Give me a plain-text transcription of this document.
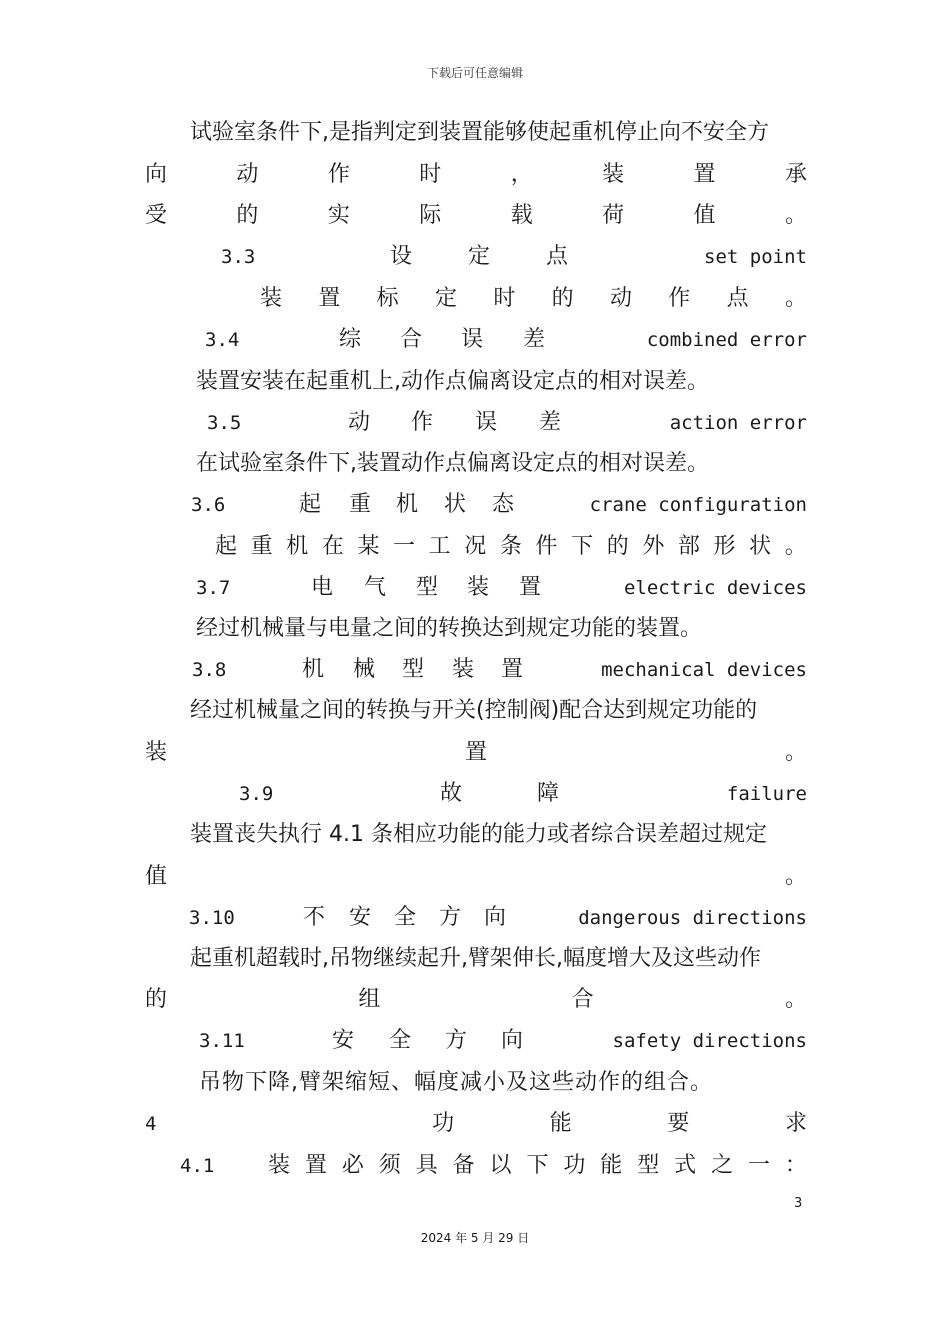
下载后可任意编辑
试验室条件下,是指判定到装置能够使起重机停止向不安全方
向	动	作	时	，	装	置	承
受	的	实	际	载	荷	值	。
3.3	设	定	点	set point
装 置 标 定 时 的 动 作 点 。
3.4	综 合 误 差	combined error
装置安装在起重机上,动作点偏离设定点的相对误差。
3.5	动 作 误 差	action error
在试验室条件下,装置动作点偏离设定点的相对误差。
3.6	起 重 机 状 态	crane configuration
起 重 机 在 某 一 工 况 条 件 下 的 外 部 形 状 。
3.7	电 气 型 装 置	electric devices
经过机械量与电量之间的转换达到规定功能的装置。
3.8	机 械 型 装 置	mechanical devices
经过机械量之间的转换与开关(控制阀)配合达到规定功能的
装	置	。
3.9	故	障	failure
装置丧失执行 4.1 条相应功能的能力或者综合误差超过规定
值	。
3.10	不 安 全 方 向	dangerous directions
起重机超载时,吊物继续起升,臂架伸长,幅度增大及这些动作
的	组	合	。
3.11	安 全 方 向	safety directions
吊物下降,臂架缩短、幅度减小及这些动作的组合。
4	功	能	要	求
4.1 装 置 必 须 具 备 以 下 功 能 型 式 之 一 ：
3
2024 年 5 月 29 日
